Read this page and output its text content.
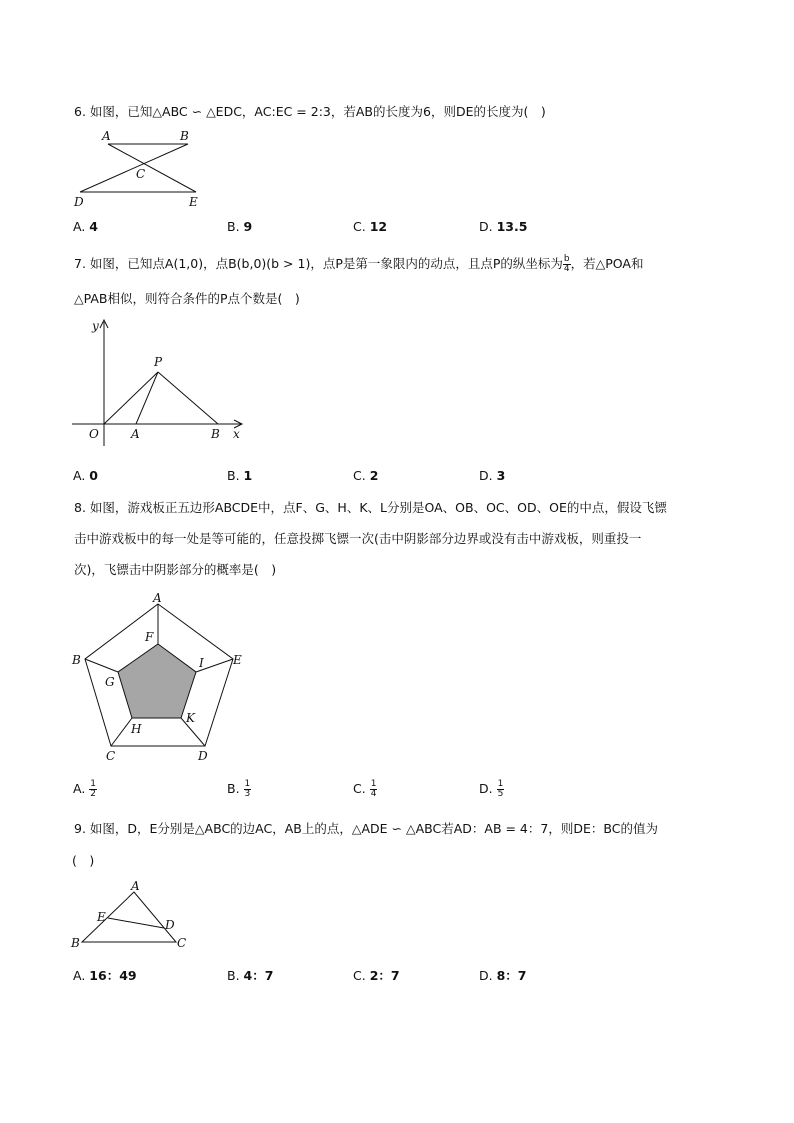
6. 如图，已知△ABC ∽ △EDC，AC:EC = 2:3，若AB的长度为6，则DE的长度为(　)
A	B
C
D	E
A. 4	B. 9	C. 12	D. 13.5
7. 如图，已知点A(1,0)，点B(b,0)(b > 1)，点P是第一象限内的动点，且点P的纵坐标为 $\frac{b}{4}$ ，若△POA和
△PAB相似，则符合条件的P点个数是(　)
y
P
O	A	B x
A. 0	B. 1	C. 2	D. 3
8. 如图，游戏板正五边形ABCDE中，点F、G、H、K、L分别是OA、OB、OC、OD、OE的中点，假设飞镖
击中游戏板中的每一处是等可能的，任意投掷飞镖一次(击中阴影部分边界或没有击中游戏板，则重投一
次)，飞镖击中阴影部分的概率是(　)
A
F
B	I E
G
K
H
C	D
A. $\frac{1}{2}$	B. $\frac{1}{3}$	C. $\frac{1}{4}$	D. $\frac{1}{5}$
9. 如图，D，E分别是△ABC的边AC，AB上的点，△ADE ∽ △ABC若AD：AB = 4：7，则DE：BC的值为
(　)
A
E
D
B	C
A. 16：49	B. 4：7	C. 2：7	D. 8：7
